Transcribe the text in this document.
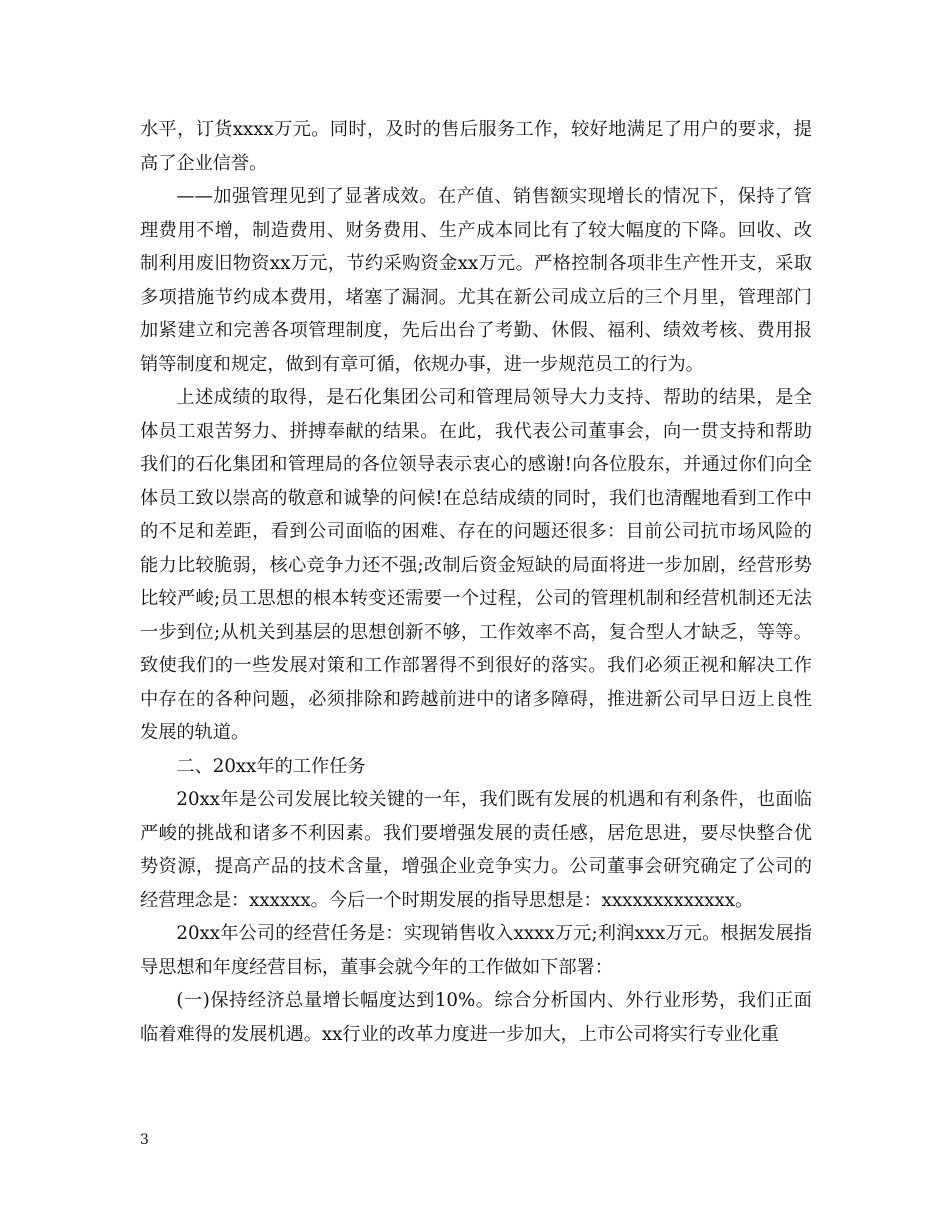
水平，订货xxxx万元。同时，及时的售后服务工作，较好地满足了用户的要求，提高了企业信誉。

——加强管理见到了显著成效。在产值、销售额实现增长的情况下，保持了管理费用不增，制造费用、财务费用、生产成本同比有了较大幅度的下降。回收、改制利用废旧物资xx万元，节约采购资金xx万元。严格控制各项非生产性开支，采取多项措施节约成本费用，堵塞了漏洞。尤其在新公司成立后的三个月里，管理部门加紧建立和完善各项管理制度，先后出台了考勤、休假、福利、绩效考核、费用报销等制度和规定，做到有章可循，依规办事，进一步规范员工的行为。

上述成绩的取得，是石化集团公司和管理局领导大力支持、帮助的结果，是全体员工艰苦努力、拼搏奉献的结果。在此，我代表公司董事会，向一贯支持和帮助我们的石化集团和管理局的各位领导表示衷心的感谢!向各位股东，并通过你们向全体员工致以崇高的敬意和诚挚的问候!在总结成绩的同时，我们也清醒地看到工作中的不足和差距，看到公司面临的困难、存在的问题还很多：目前公司抗市场风险的能力比较脆弱，核心竞争力还不强;改制后资金短缺的局面将进一步加剧，经营形势比较严峻;员工思想的根本转变还需要一个过程，公司的管理机制和经营机制还无法一步到位;从机关到基层的思想创新不够，工作效率不高，复合型人才缺乏，等等。致使我们的一些发展对策和工作部署得不到很好的落实。我们必须正视和解决工作中存在的各种问题，必须排除和跨越前进中的诸多障碍，推进新公司早日迈上良性发展的轨道。

二、20xx年的工作任务

20xx年是公司发展比较关键的一年，我们既有发展的机遇和有利条件，也面临严峻的挑战和诸多不利因素。我们要增强发展的责任感，居危思进，要尽快整合优势资源，提高产品的技术含量，增强企业竞争实力。公司董事会研究确定了公司的经营理念是：xxxxxx。今后一个时期发展的指导思想是：xxxxxxxxxxxxx。

20xx年公司的经营任务是：实现销售收入xxxx万元;利润xxx万元。根据发展指导思想和年度经营目标，董事会就今年的工作做如下部署：

(一)保持经济总量增长幅度达到10%。综合分析国内、外行业形势，我们正面临着难得的发展机遇。xx行业的改革力度进一步加大，上市公司将实行专业化重

3
